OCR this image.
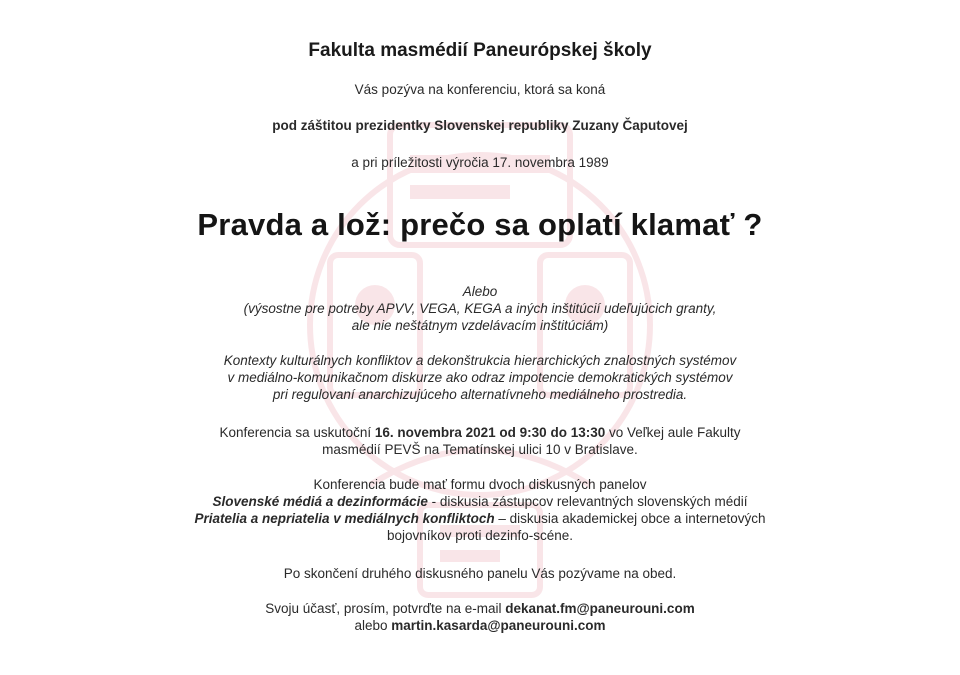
Fakulta masmédií Paneurópskej školy
Vás pozýva na konferenciu, ktorá sa koná
pod záštitou prezidentky Slovenskej republiky Zuzany Čaputovej
a pri príležitosti výročia 17. novembra 1989
Pravda a lož: prečo sa oplatí klamať ?
Alebo
(výsostne pre potreby APVV, VEGA, KEGA a iných inštitúcií udeľujúcich granty,
ale nie neštátnym vzdelávacím inštitúciám)
Kontexty kulturálnych konfliktov a dekonštrukcia hierarchických znalostných systémov
v mediálno-komunikačnom diskurze ako odraz impotencie demokratických systémov
pri regulovaní anarchizujúceho alternatívneho mediálneho prostredia.
Konferencia sa uskutoční 16. novembra 2021 od 9:30 do 13:30 vo Veľkej aule Fakulty
masmédií PEVŠ na Tematínskej ulici 10 v Bratislave.
Konferencia bude mať formu dvoch diskusných panelov
Slovenské médiá a dezinformácie - diskusia zástupcov relevantných slovenských médií
Priatelia a nepriatelia v mediálnych konfliktoch – diskusia akademickej obce a internetových
bojovníkov proti dezinfo-scéne.
Po skončení druhého diskusného panelu Vás pozývame na obed.
Svoju účasť, prosím, potvrďte na e-mail dekanat.fm@paneurouni.com
alebo martin.kasarda@paneurouni.com
